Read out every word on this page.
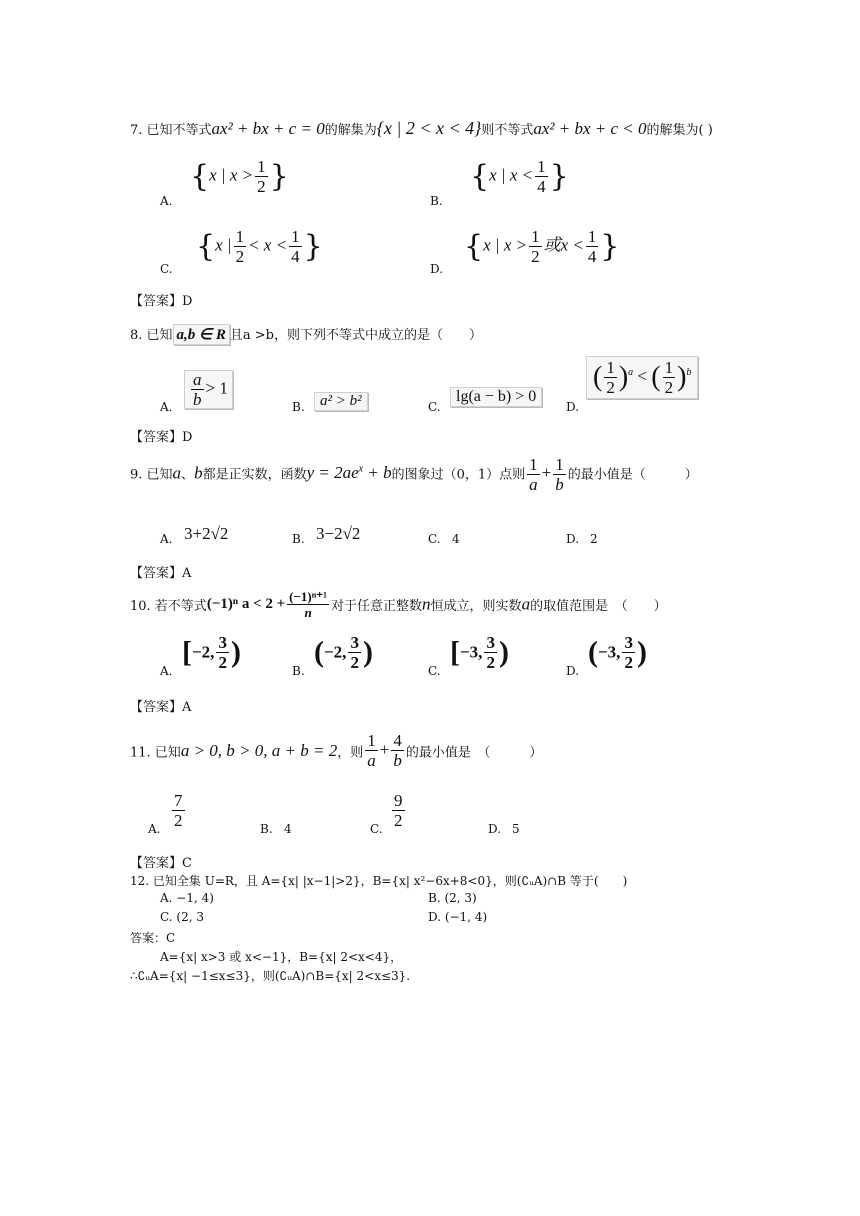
7. 已知不等式ax² + bx + c = 0的解集为{x | 2 < x < 4}则不等式ax² + bx + c < 0的解集为( )
A.
{x | $x > \frac{1}{2}$ }
B.
{x | $x < \frac{1}{4}$ }
C.
{x | $\frac{1}{2} < x < \frac{1}{4}$ }
D.
{x | $x > \frac{1}{2}$ 或$x < \frac{1}{4}$ }
【答案】D
8. 已知 a,b ∈ R 且a >b，则下列不等式中成立的是（　　）
A. $\frac{a}{b} > 1$
B.	a² > b²	C.
lg(a − b) > 0
D.
( $\frac{1}{2} )^a$ < ( $\frac{1}{2} )^b$
【答案】D
9. 已知a、b都是正实数，函数$y = 2ae^x + b$的图象过（0，1）点则 $\frac{1}{a} + \frac{1}{b}$ 的最小值是（　　　）
A. 3+2√2	B. 3−2√2	C. 4	D. 2
【答案】A
10. 若不等式(−1)ⁿ $a < 2 + \frac{\text{(−1)ⁿ⁺¹}}{n}$ 对于任意正整数n恒成立，则实数a的取值范围是　（　　）
A.
[−2, $\frac{3}{2}$ )
B.
(−2, $\frac{3}{2}$ )
C.
[−3, $\frac{3}{2}$ )
D.
(−3, $\frac{3}{2}$ )
【答案】A
11. 已知a > 0, b > 0, a + b = 2，则 $\frac{1}{a} + \frac{4}{b}$ 的最小值是　（　　　）
A. $\frac{7}{2}$	B. 4	C. $\frac{9}{2}$	D. 5
【答案】C
12. 已知全集 U=R，且 A={x| |x−1|>2}，B={x| x²−6x+8<0}，则(∁ᵤA)∩B 等于(　　)
A. −1, 4)	B. (2, 3)
C. (2, 3	D. (−1, 4)
答案：C
A={x| x>3 或 x<−1}，B={x| 2<x<4}，
∴∁ᵤA={x| −1≤x≤3}，则(∁ᵤA)∩B={x| 2<x≤3}.
